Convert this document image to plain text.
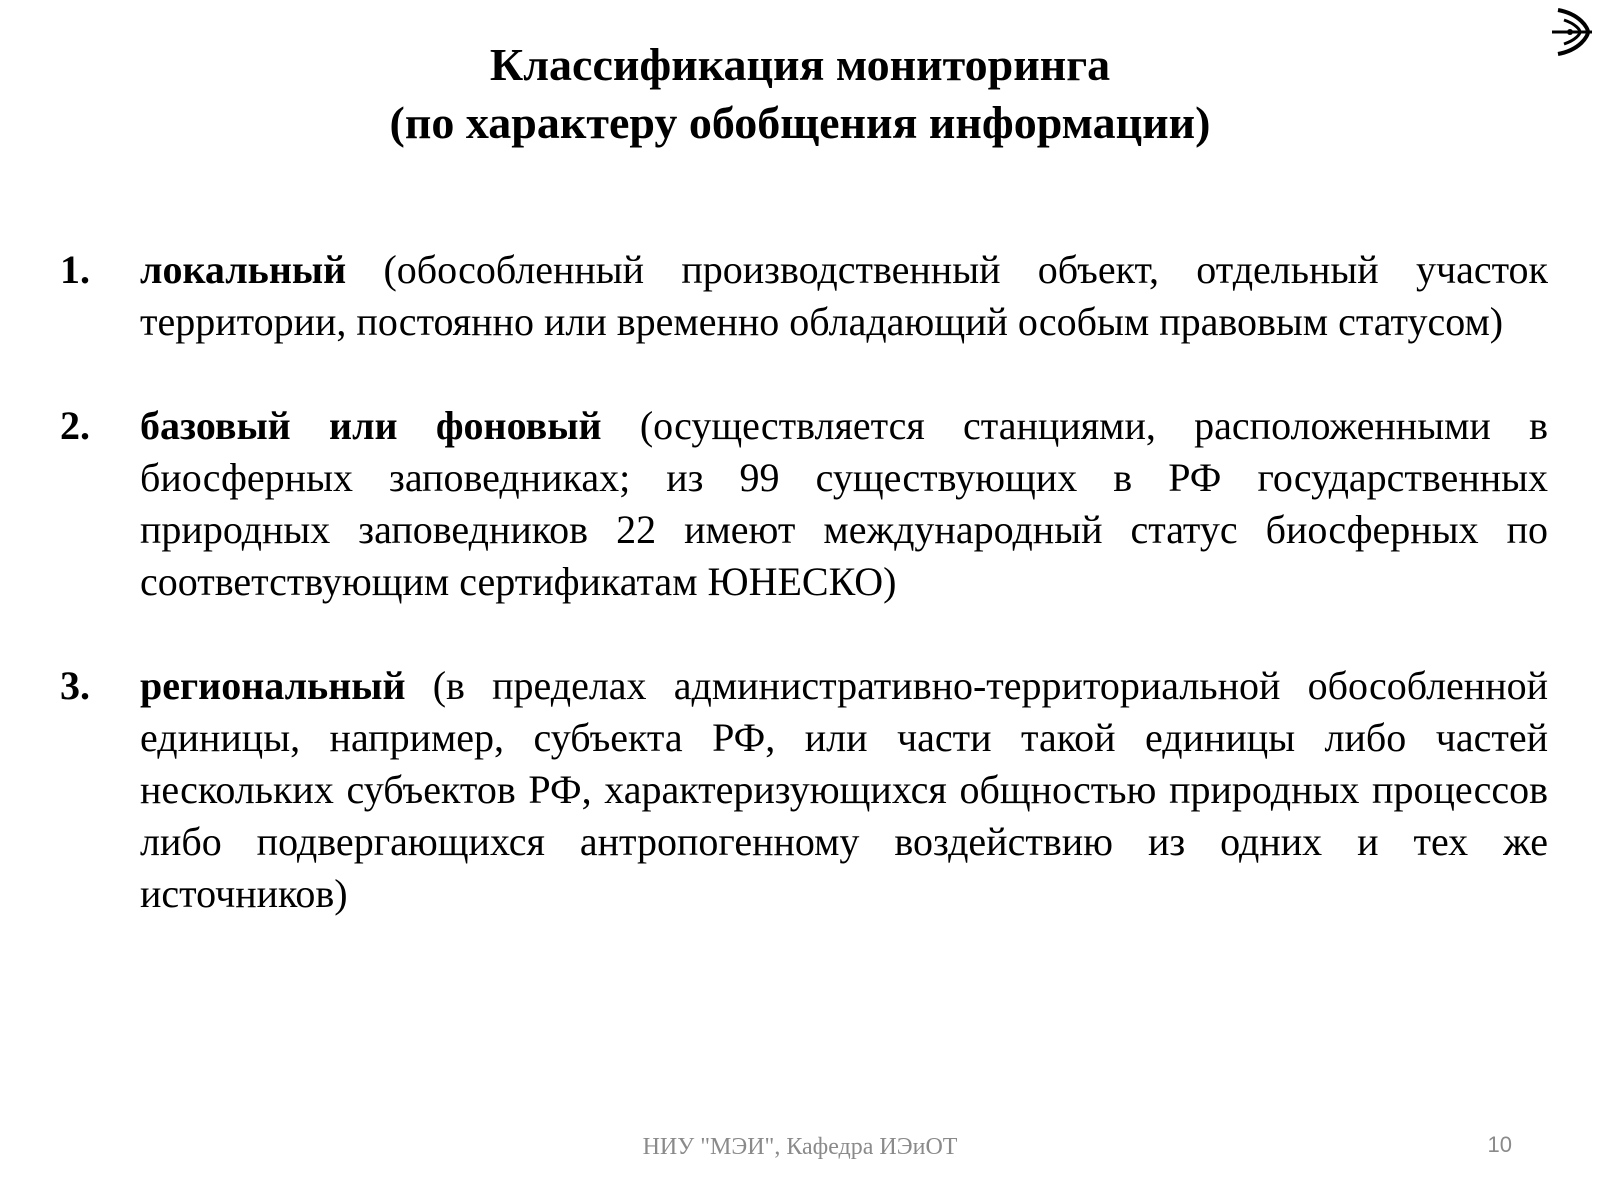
Классификация мониторинга
(по характеру обобщения информации)
1.	локальный (обособленный производственный объект, отдельный участок территории, постоянно или временно обладающий особым правовым статусом)
2.	базовый или фоновый (осуществляется станциями, расположенными в биосферных заповедниках; из 99 существующих в РФ государственных природных заповедников 22 имеют международный статус биосферных по соответствующим сертификатам ЮНЕСКО)
3.	региональный (в пределах административно-территориальной обособленной единицы, например, субъекта РФ, или части такой единицы либо частей нескольких субъектов РФ, характеризующихся общностью природных процессов либо подвергающихся антропогенному воздействию из одних и тех же источников)
НИУ "МЭИ", Кафедра ИЭиОТ	10
